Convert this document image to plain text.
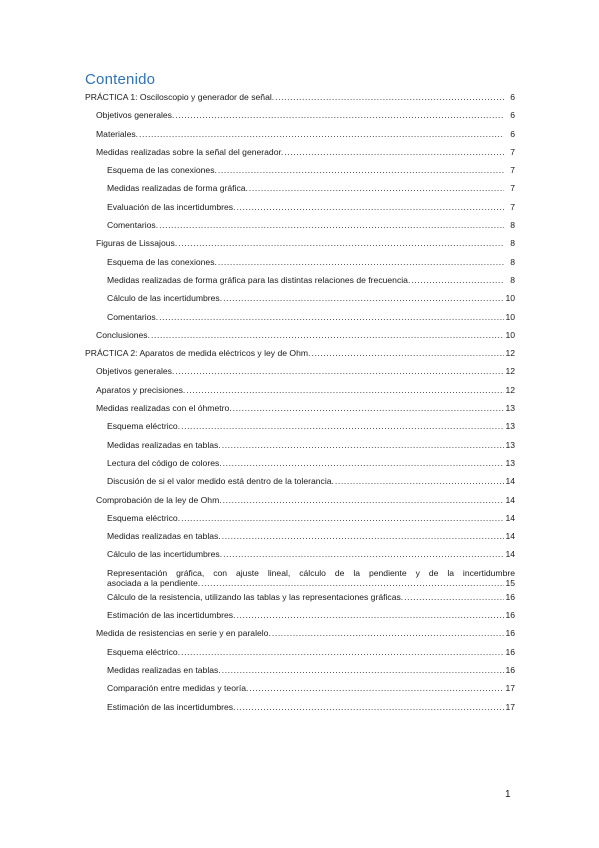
Contenido
PRÁCTICA 1: Osciloscopio y generador de señal. .....	6
Objetivos generales. .....	6
Materiales. .....	6
Medidas realizadas sobre la señal del generador. .....	7
Esquema de las conexiones. .....	7
Medidas realizadas de forma gráfica. .....	7
Evaluación de las incertidumbres. .....	7
Comentarios. .....	8
Figuras de Lissajous. .....	8
Esquema de las conexiones. .....	8
Medidas realizadas de forma gráfica para las distintas relaciones de frecuencia. .....	8
Cálculo de las incertidumbres. .....	10
Comentarios. .....	10
Conclusiones. .....	10
PRÁCTICA 2: Aparatos de medida eléctricos y ley de Ohm. .....	12
Objetivos generales. .....	12
Aparatos y precisiones. .....	12
Medidas realizadas con el óhmetro. .....	13
Esquema eléctrico. .....	13
Medidas realizadas en tablas. .....	13
Lectura del código de colores. .....	13
Discusión de si el valor medido está dentro de la tolerancia. .....	14
Comprobación de la ley de Ohm. .....	14
Esquema eléctrico. .....	14
Medidas realizadas en tablas. .....	14
Cálculo de las incertidumbres. .....	14
Representación gráfica, con ajuste lineal, cálculo de la pendiente y de la incertidumbre
asociada a la pendiente. .....	15
Cálculo de la resistencia, utilizando las tablas y las representaciones gráficas. .....	16
Estimación de las incertidumbres. .....	16
Medida de resistencias en serie y en paralelo. .....	16
Esquema eléctrico. .....	16
Medidas realizadas en tablas. .....	16
Comparación entre medidas y teoría. .....	17
Estimación de las incertidumbres. .....	17
1
